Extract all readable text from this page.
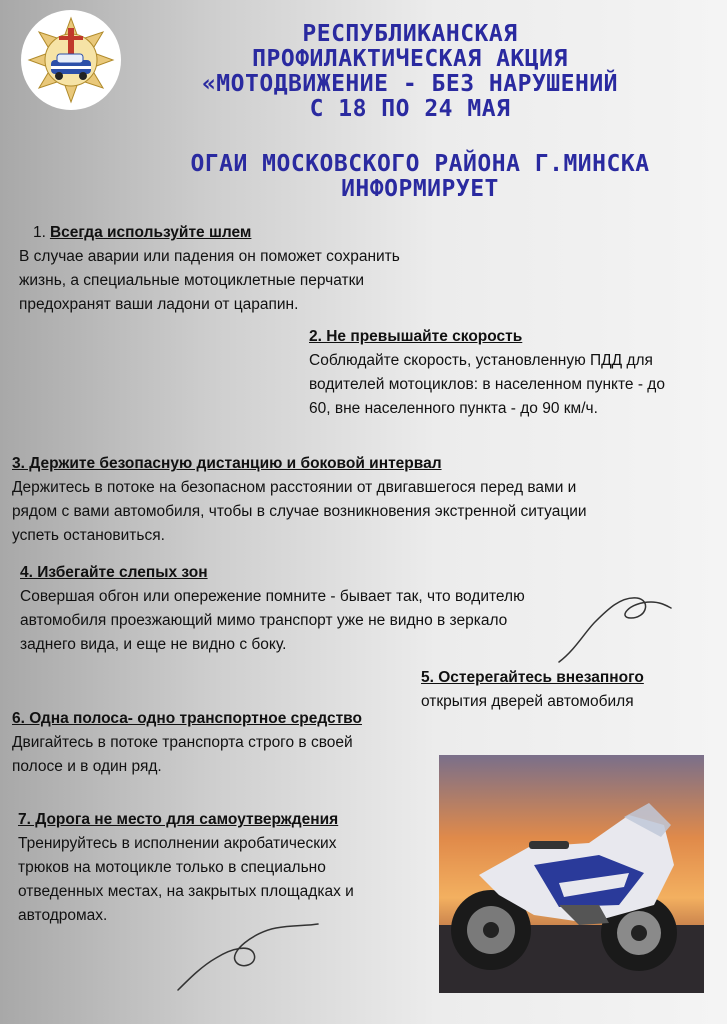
РЕСПУБЛИКАНСКАЯ
ПРОФИЛАКТИЧЕСКАЯ АКЦИЯ
«МОТОДВИЖЕНИЕ - БЕЗ НАРУШЕНИЙ
С 18 ПО 24 МАЯ
ОГАИ МОСКОВСКОГО РАЙОНА Г.МИНСКА
ИНФОРМИРУЕТ
1. Всегда используйте шлем
В случае аварии или падения он поможет сохранить
жизнь, а специальные мотоциклетные перчатки
предохранят ваши ладони от царапин.
2. Не превышайте скорость
Соблюдайте скорость, установленную ПДД для
водителей мотоциклов: в населенном пункте - до
60, вне населенного пункта - до 90 км/ч.
3. Держите безопасную дистанцию и боковой интервал
Держитесь в потоке на безопасном расстоянии от двигавшегося перед вами и
рядом с вами автомобиля, чтобы в случае возникновения экстренной ситуации
успеть остановиться.
4. Избегайте слепых зон
Совершая обгон или опережение помните - бывает так, что водителю
автомобиля проезжающий мимо транспорт уже не видно в зеркало
заднего вида, и еще не видно с боку.
5. Остерегайтесь внезапного
открытия дверей автомобиля
6. Одна полоса- одно транспортное средство
Двигайтесь в потоке транспорта строго в своей
полосе и в один ряд.
7. Дорога не место для самоутверждения
Тренируйтесь в исполнении акробатических
трюков на мотоцикле только в специально
отведенных местах, на закрытых площадках и
автодромах.
